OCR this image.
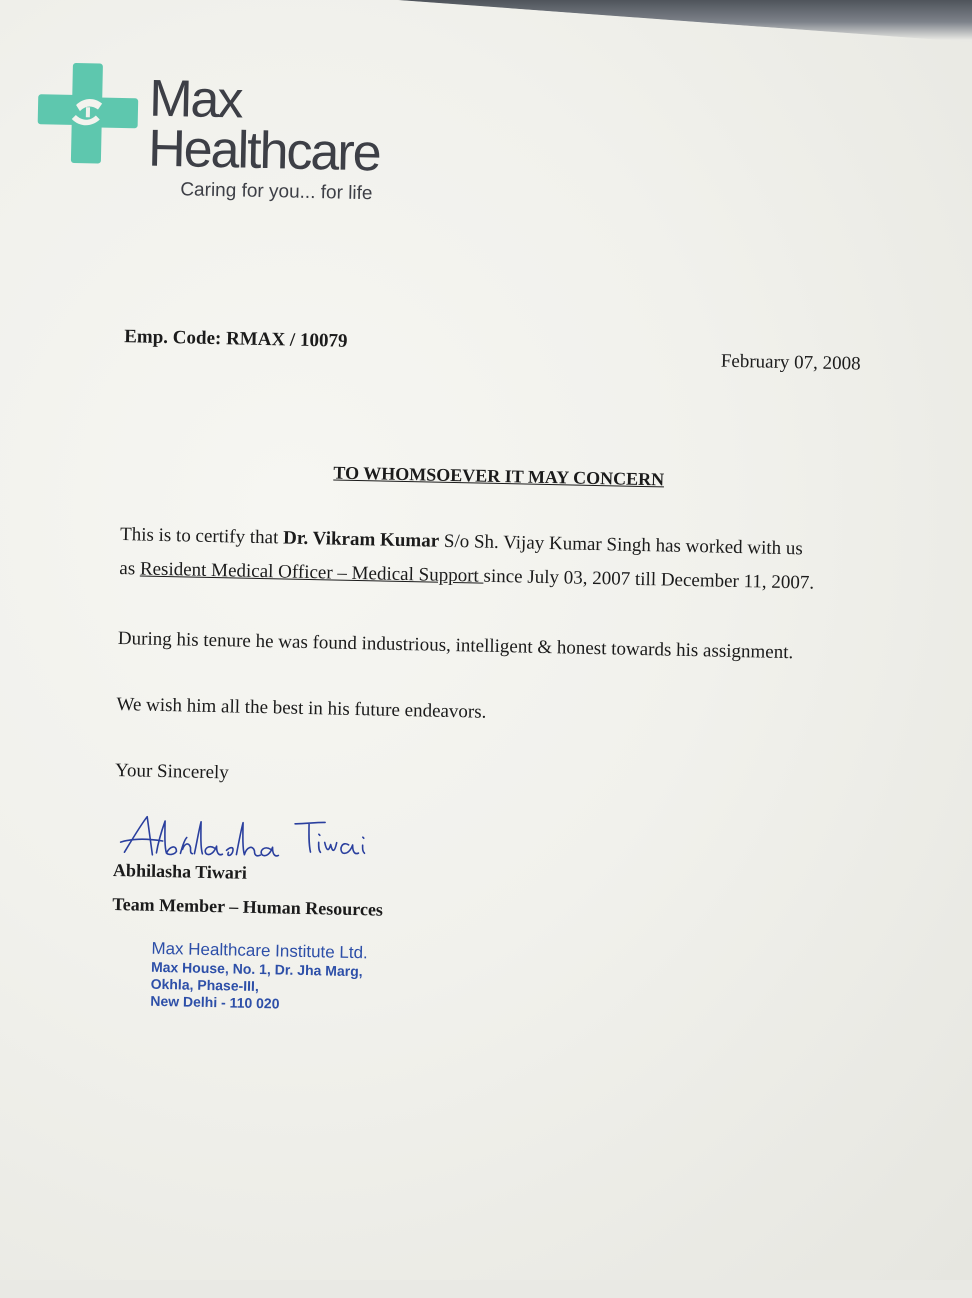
Max
Healthcare
Caring for you... for life
Emp. Code: RMAX / 10079
February 07, 2008
TO WHOMSOEVER IT MAY CONCERN
This is to certify that Dr. Vikram Kumar S/o Sh. Vijay Kumar Singh has worked with us
as Resident Medical Officer – Medical Support since July 03, 2007 till December 11, 2007.
During his tenure he was found industrious, intelligent & honest towards his assignment.
We wish him all the best in his future endeavors.
Your Sincerely
Abhilasha Tiwari
Team Member – Human Resources
Max Healthcare Institute Ltd.
Max House, No. 1, Dr. Jha Marg,
Okhla, Phase-III,
New Delhi - 110 020
